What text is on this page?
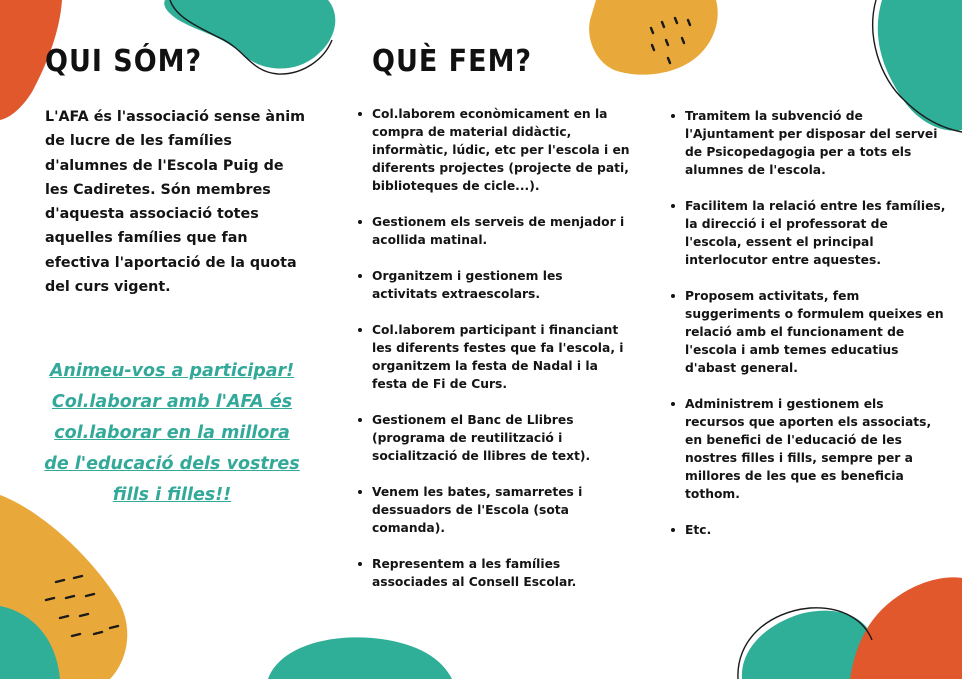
QUI SÓM?

L'AFA és l'associació sense ànim de lucre de les famílies d'alumnes de l'Escola Puig de les Cadiretes. Són membres d'aquesta associació totes aquelles famílies que fan efectiva l'aportació de la quota del curs vigent.

Animeu-vos a participar! Col.laborar amb l'AFA és col.laborar en la millora de l'educació dels vostres fills i filles!!

QUÈ FEM?
Col.laborem econòmicament en la compra de material didàctic, informàtic, lúdic, etc per l'escola i en diferents projectes (projecte de pati, biblioteques de cicle...).
Gestionem els serveis de menjador i acollida matinal.
Organitzem i gestionem les activitats extraescolars.
Col.laborem participant i financiant les diferents festes que fa l'escola, i organitzem la festa de Nadal i la festa de Fi de Curs.
Gestionem el Banc de Llibres (programa de reutilització i socialització de llibres de text).
Venem les bates, samarretes i dessuadors de l'Escola (sota comanda).
Representem a les famílies associades al Consell Escolar.
Tramitem la subvenció de l'Ajuntament per disposar del servei de Psicopedagogia per a tots els alumnes de l'escola.
Facilitem la relació entre les famílies, la direcció i el professorat de l'escola, essent el principal interlocutor entre aquestes.
Proposem activitats, fem suggeriments o formulem queixes en relació amb el funcionament de l'escola i amb temes educatius d'abast general.
Administrem i gestionem els recursos que aporten els associats, en benefici de l'educació de les nostres filles i fills, sempre per a millores de les que es beneficia tothom.
Etc.
